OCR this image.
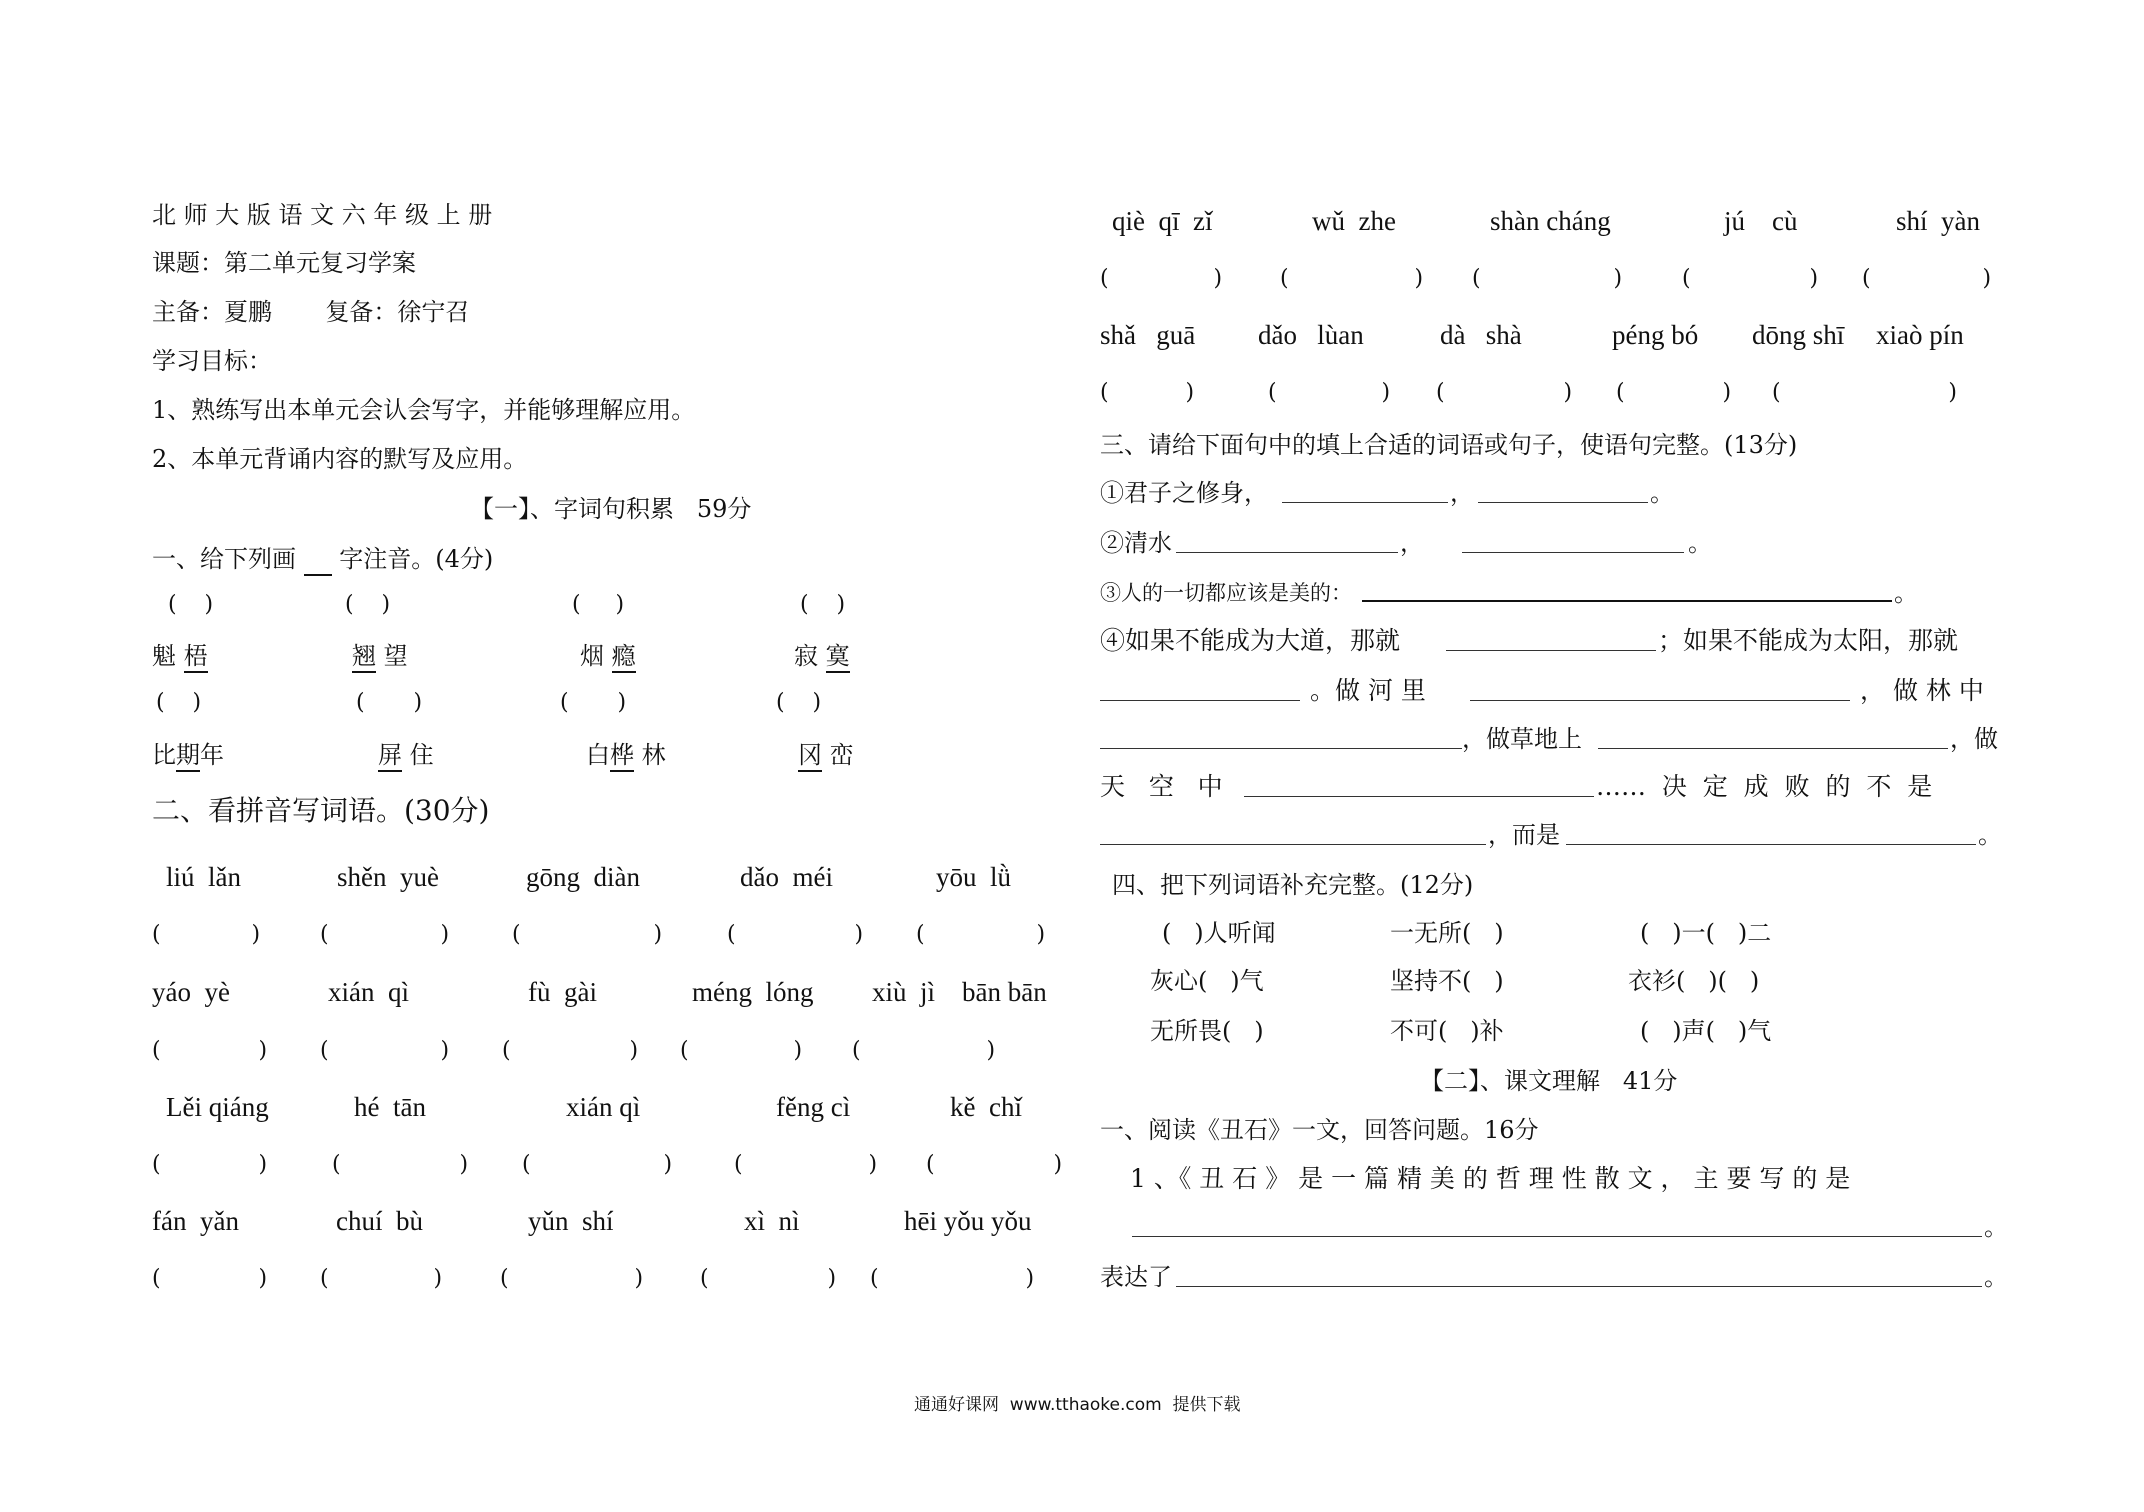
北 师 大 版 语 文 六 年 级 上 册
课题：第二单元复习学案
主备：夏鹏       复备：徐宁召
学习目标：
1、熟练写出本单元会认会写字，并能够理解应用。
2、本单元背诵内容的默写及应用。
【一】、字词句积累   59分
一、给下列画  字注音。(4分)
(    )	(    )	(     )	(    )
魁 梧	翘 望	烟 瘾	寂 寞
(    )	(       )	(       )	(    )
比期年	屏 住	白桦 林	冈 峦
二、看拼音写词语。(30分)
liú  lǎn	shěn  yuè	gōng  diàn	dǎo  méi	yōu  lǜ
(             )	(                )	(                   )	(                 ) (                )
yáo  yè	xián  qì	fù  gài	méng  lóng xiù  jì bān bān
(              ) (                ) (                 ) (               ) (                  )
Lěi qiáng	hé  tān	xián qì	fěng cì	kě  chǐ
(              )	(                 ) (                   )	(                  ) (                 )
fán  yǎn	chuí  bù	yǔn  shí	xì  nì	hēi yǒu yǒu
(              ) (               )	(                  )	(                 ) (                     )
qiè  qī  zǐ	wǔ  zhe	shàn cháng	jú    cù	shí  yàn
(               )	(                  ) (                   )	(                 ) (                )
shǎ   guā dǎo   lùan	dà   shà	péng bó dōng shī xiaò pín
(           )	(               ) (                 ) (              ) (                        )
三、请给下面句中的填上合适的词语或句子，使语句完整。(13分)
①君子之修身，	，	。
②清水	，	。
③人的一切都应该是美的：	。
④如果不能成为大道，那就	；如果不能成为太阳，那就
。做 河 里	， 做 林 中
，做草地上	，做
天   空   中	……  决  定  成  败  的  不  是
，而是	。
四、把下列词语补充完整。(12分)
(   )人听闻	一无所(   )	(   )一(   )二
灰心(   )气	坚持不(   )	衣衫(   )(   )
无所畏(   )	不可(   )补	(   )声(   )气
【二】、课文理解   41分
一、阅读《丑石》一文，回答问题。16分
1 、《 丑 石 》 是 一 篇 精 美 的 哲 理 性 散 文 ， 主 要 写 的 是
。
表达了	。
通通好课网  www.tthaoke.com  提供下载
